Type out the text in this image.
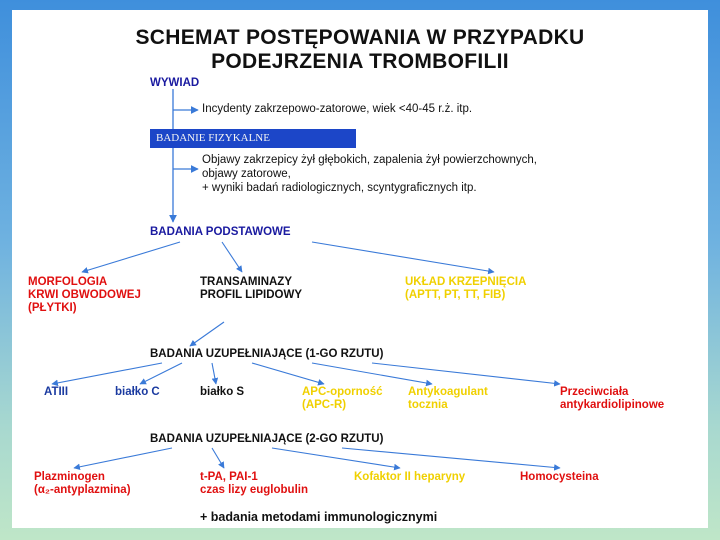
SCHEMAT POSTĘPOWANIA W PRZYPADKU
PODEJRZENIA TROMBOFILII
WYWIAD
Incydenty zakrzepowo-zatorowe, wiek <40-45 r.ż. itp.
BADANIE FIZYKALNE
Objawy zakrzepicy żył głębokich, zapalenia żył powierzchownych,
objawy zatorowe,
+ wyniki badań radiologicznych, scyntygraficznych itp.
BADANIA PODSTAWOWE
MORFOLOGIA
KRWI OBWODOWEJ
(PŁYTKI)
TRANSAMINAZY
PROFIL LIPIDOWY
UKŁAD KRZEPNIĘCIA
(APTT, PT, TT, FIB)
BADANIA UZUPEŁNIAJĄCE (1-GO RZUTU)
ATIII	białko C	białko S	APC-oporność
(APC-R)
Antykoagulant
toczniа
Przeciwciała
antykardiolipinowe
BADANIA UZUPEŁNIAJĄCE (2-GO RZUTU)
Plazminogen
(α₂-antyplazmina)
t-PA, PAI-1
czas lizy euglobulin
Kofaktor II heparyny	Homocysteina
+ badania metodami immunologicznymi
